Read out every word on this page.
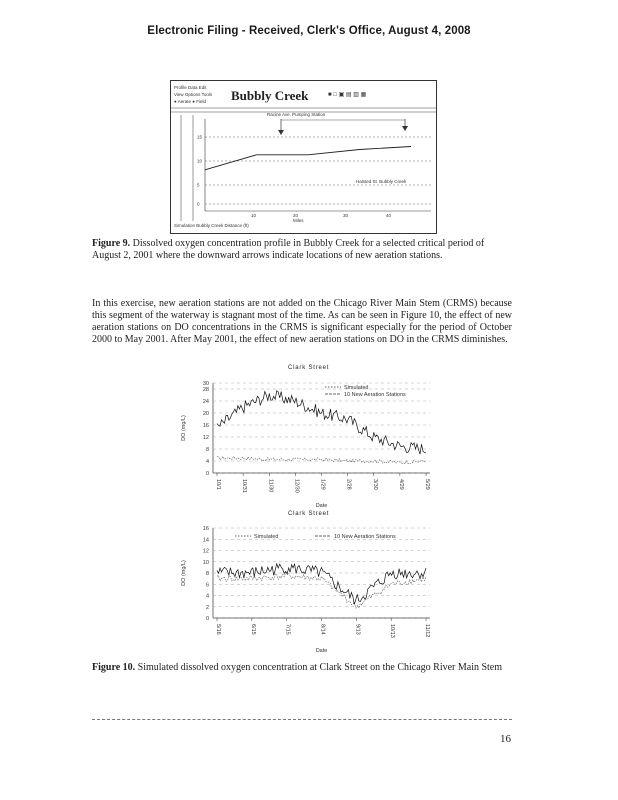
Electronic Filing - Received, Clerk's Office, August 4, 2008
Profile Data Edit
View Options Tools
● Aerate ● Field Bubbly Creek	■ □ ▣ ▤ ▥ ▦
Racine Ave. Pumping Station
Halsted St. Bubbly Creek
15
10
5
0
10	20	30	40
Miles
Simulation Bubbly Creek Distance (ft)
Figure 9. Dissolved oxygen concentration profile in Bubbly Creek for a selected critical period of August 2, 2001 where the downward arrows indicate locations of new aeration stations.
In this exercise, new aeration stations are not added on the Chicago River Main Stem (CRMS) because this segment of the waterway is stagnant most of the time. As can be seen in Figure 10, the effect of new aeration stations on DO concentrations in the CRMS is significant especially for the period of October 2000 to May 2001. After May 2001, the effect of new aeration stations on DO in the CRMS diminishes.
Clark Street
30
28
24
20
16
12
8
4
0
10/1	10/31	11/30	12/30	1/29	2/28	3/30	4/29	5/29
Date
DO (mg/L)
Simulated
10 New Aeration Stations
Clark Street
16
14
12
10
8
6
4
2
0
5/16	6/15	7/15	8/14	9/13	10/13	11/12
Date
DO (mg/L)
Simulated	10 New Aeration Stations
Figure 10. Simulated dissolved oxygen concentration at Clark Street on the Chicago River Main Stem
16
